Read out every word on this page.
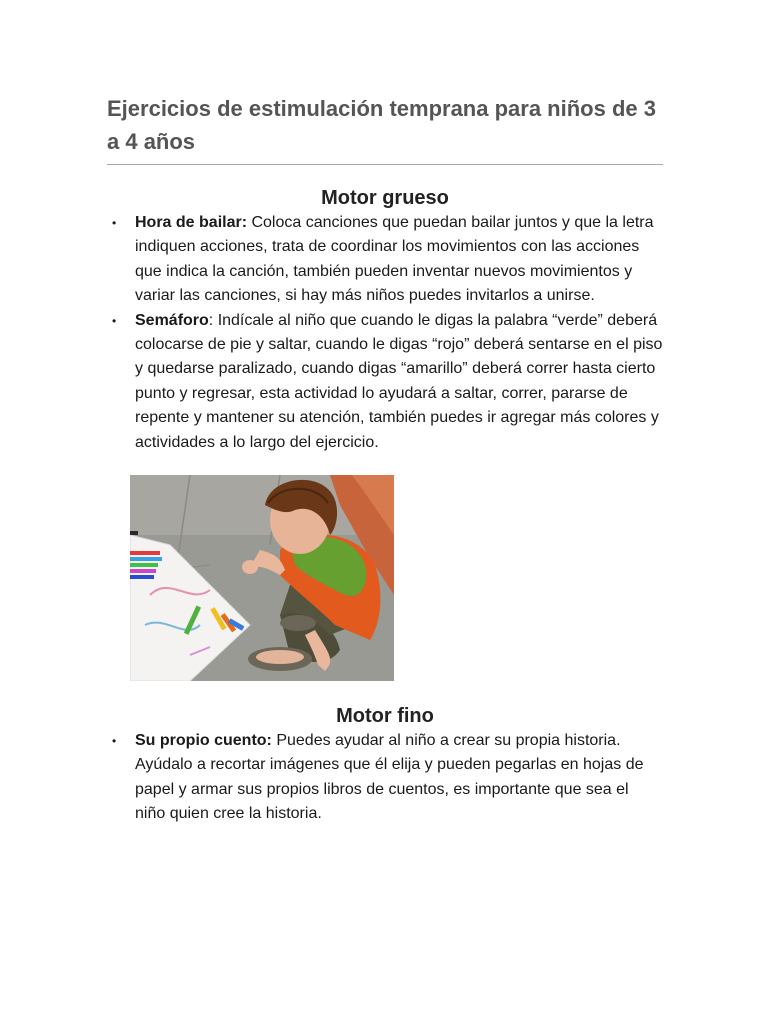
Ejercicios de estimulación temprana para niños de 3 a 4 años
Motor grueso
• Hora de bailar: Coloca canciones que puedan bailar juntos y que la letra indiquen acciones, trata de coordinar los movimientos con las acciones que indica la canción, también pueden inventar nuevos movimientos y variar las canciones, si hay más niños puedes invitarlos a unirse.
• Semáforo: Indícale al niño que cuando le digas la palabra “verde” deberá colocarse de pie y saltar, cuando le digas “rojo” deberá sentarse en el piso y quedarse paralizado, cuando digas “amarillo” deberá correr hasta cierto punto y regresar, esta actividad lo ayudará a saltar, correr, pararse de repente y mantener su atención, también puedes ir agregar más colores y actividades a lo largo del ejercicio.
Motor fino
• Su propio cuento: Puedes ayudar al niño a crear su propia historia. Ayúdalo a recortar imágenes que él elija y pueden pegarlas en hojas de papel y armar sus propios libros de cuentos, es importante que sea el niño quien cree la historia.
